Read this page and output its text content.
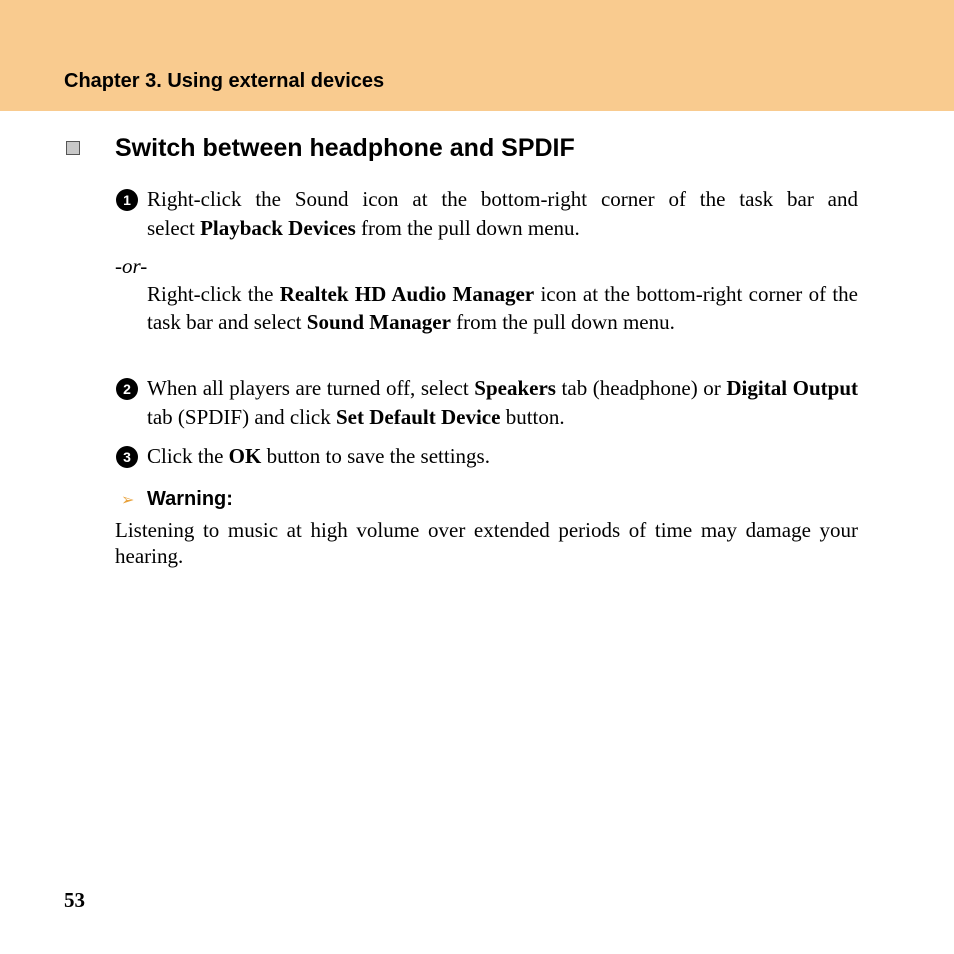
Chapter 3. Using external devices
Switch between headphone and SPDIF
1 Right-click the Sound icon at the bottom-right corner of the task bar and
select Playback Devices from the pull down menu.
-or-
Right-click the Realtek HD Audio Manager icon at the bottom-right corner of the task bar and select Sound Manager from the pull down menu.
2 When all players are turned off, select Speakers tab (headphone) or Digital Output tab (SPDIF) and click Set Default Device button.
3 Click the OK button to save the settings.
➢ Warning:
Listening to music at high volume over extended periods of time may damage your hearing.
53
